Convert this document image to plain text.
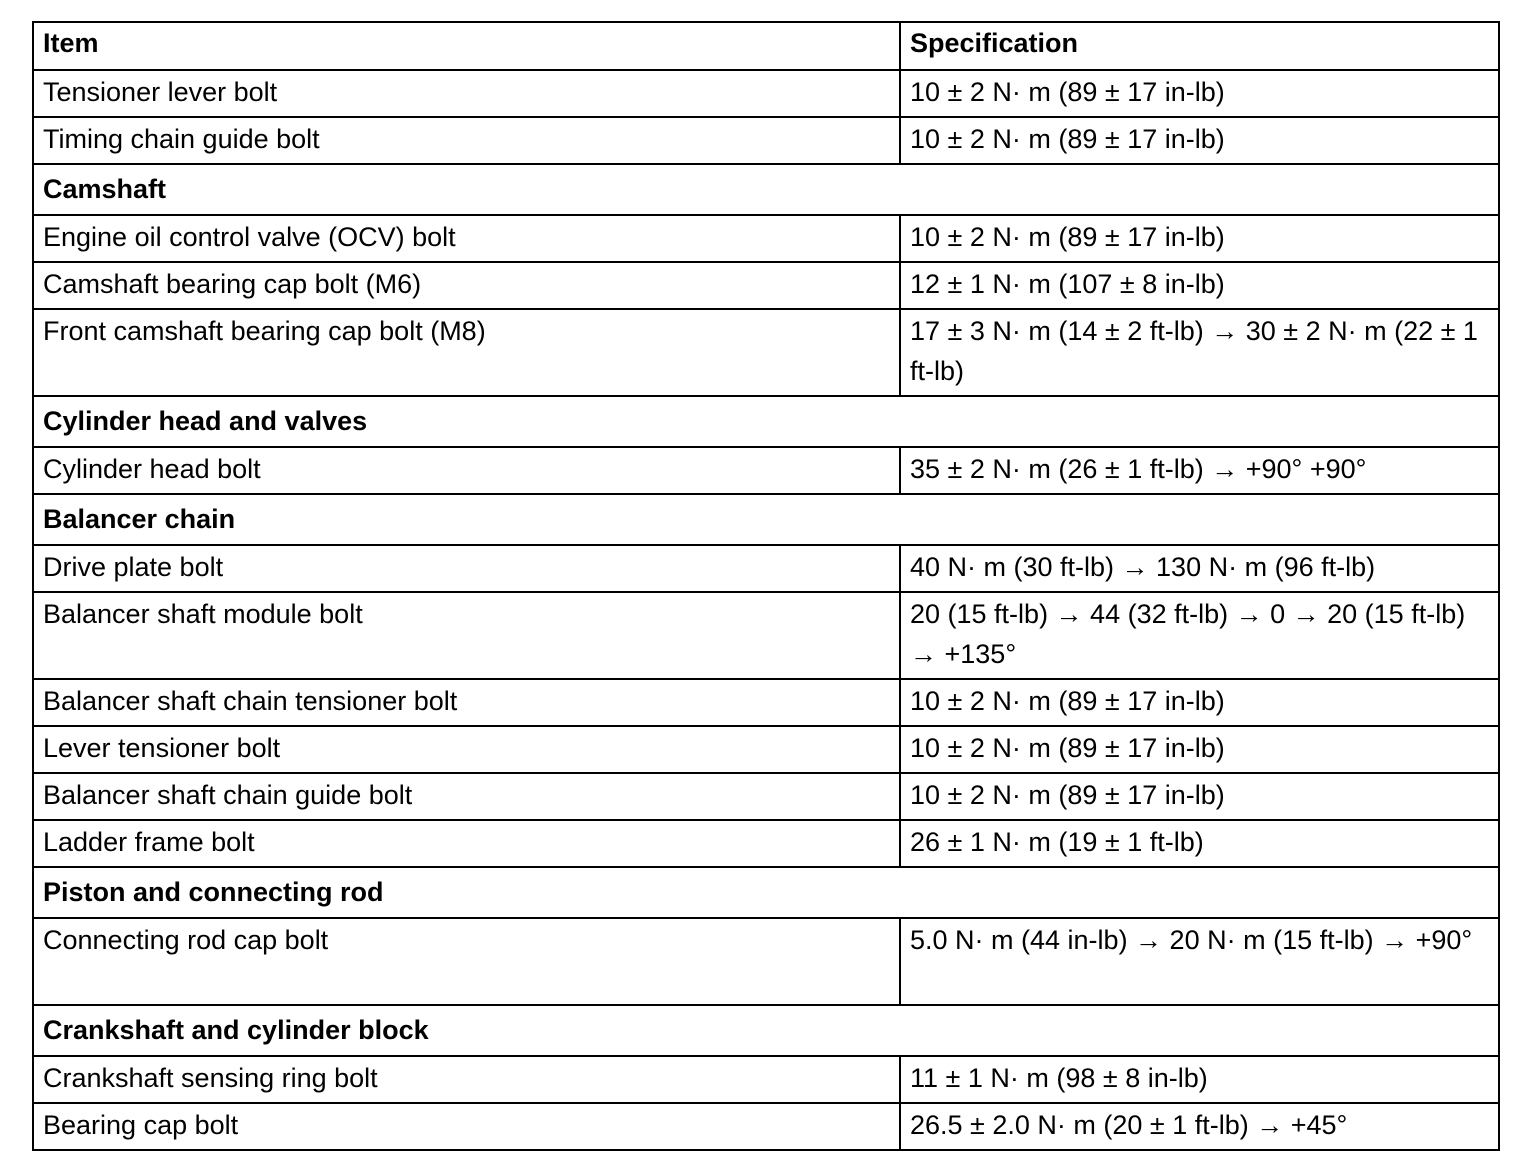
Item	Specification
Tensioner lever bolt	10 ± 2 N· m (89 ± 17 in-lb)
Timing chain guide bolt	10 ± 2 N· m (89 ± 17 in-lb)
Camshaft	
Engine oil control valve (OCV) bolt	10 ± 2 N· m (89 ± 17 in-lb)
Camshaft bearing cap bolt (M6)	12 ± 1 N· m (107 ± 8 in-lb)
Front camshaft bearing cap bolt (M8)	17 ± 3 N· m (14 ± 2 ft-lb) → 30 ± 2 N· m (22 ± 1 ft-lb)
Cylinder head and valves	
Cylinder head bolt	35 ± 2 N· m (26 ± 1 ft-lb) → +90° +90°
Balancer chain	
Drive plate bolt	40 N· m (30 ft-lb) → 130 N· m (96 ft-lb)
Balancer shaft module bolt	20 (15 ft-lb) → 44 (32 ft-lb) → 0 → 20 (15 ft-lb) → +135°
Balancer shaft chain tensioner bolt	10 ± 2 N· m (89 ± 17 in-lb)
Lever tensioner bolt	10 ± 2 N· m (89 ± 17 in-lb)
Balancer shaft chain guide bolt	10 ± 2 N· m (89 ± 17 in-lb)
Ladder frame bolt	26 ± 1 N· m (19 ± 1 ft-lb)
Piston and connecting rod	
Connecting rod cap bolt	5.0 N· m (44 in-lb) → 20 N· m (15 ft-lb) → +90°
Crankshaft and cylinder block	
Crankshaft sensing ring bolt	11 ± 1 N· m (98 ± 8 in-lb)
Bearing cap bolt	26.5 ± 2.0 N· m (20 ± 1 ft-lb) → +45°
